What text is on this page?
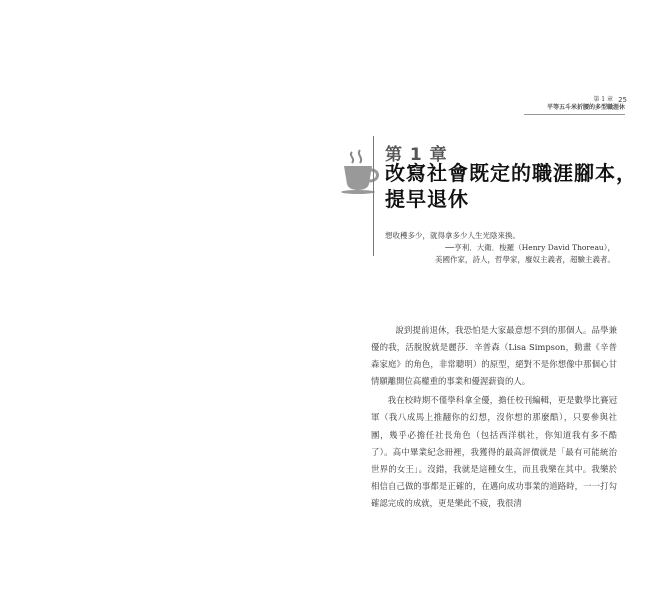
第 1 章 25
平等五斗米折腰的多型職涯休
第 1 章
改寫社會既定的職涯腳本，提早退休
想收穫多少，就得拿多少人生光陰來換。
──亨利．大衛．梭羅（Henry David Thoreau），
美國作家，詩人，哲學家，廢奴主義者，超驗主義者。

說到提前退休，我恐怕是大家最意想不到的那個人。品學兼優的我，活脫脫就是麗莎．辛普森（Lisa Simpson，動畫《辛普森家庭》的角色，非常聰明）的原型，絕對不是你想像中那個心甘情願離開位高權重的事業和優渥薪資的人。

我在校時期不僅學科拿全優，擔任校刊編輯，更是數學比賽冠軍（我八成馬上推翻你的幻想，沒你想的那麼酷），只要參與社團，幾乎必擔任社長角色（包括西洋棋社，你知道我有多不酷了）。高中畢業紀念冊裡，我獲得的最高評價就是「最有可能統治世界的女王」。沒錯，我就是這種女生，而且我樂在其中。我樂於相信自己做的事都是正確的，在邁向成功事業的道路時，一一打勾確認完成的成就，更是樂此不疲，我很清
